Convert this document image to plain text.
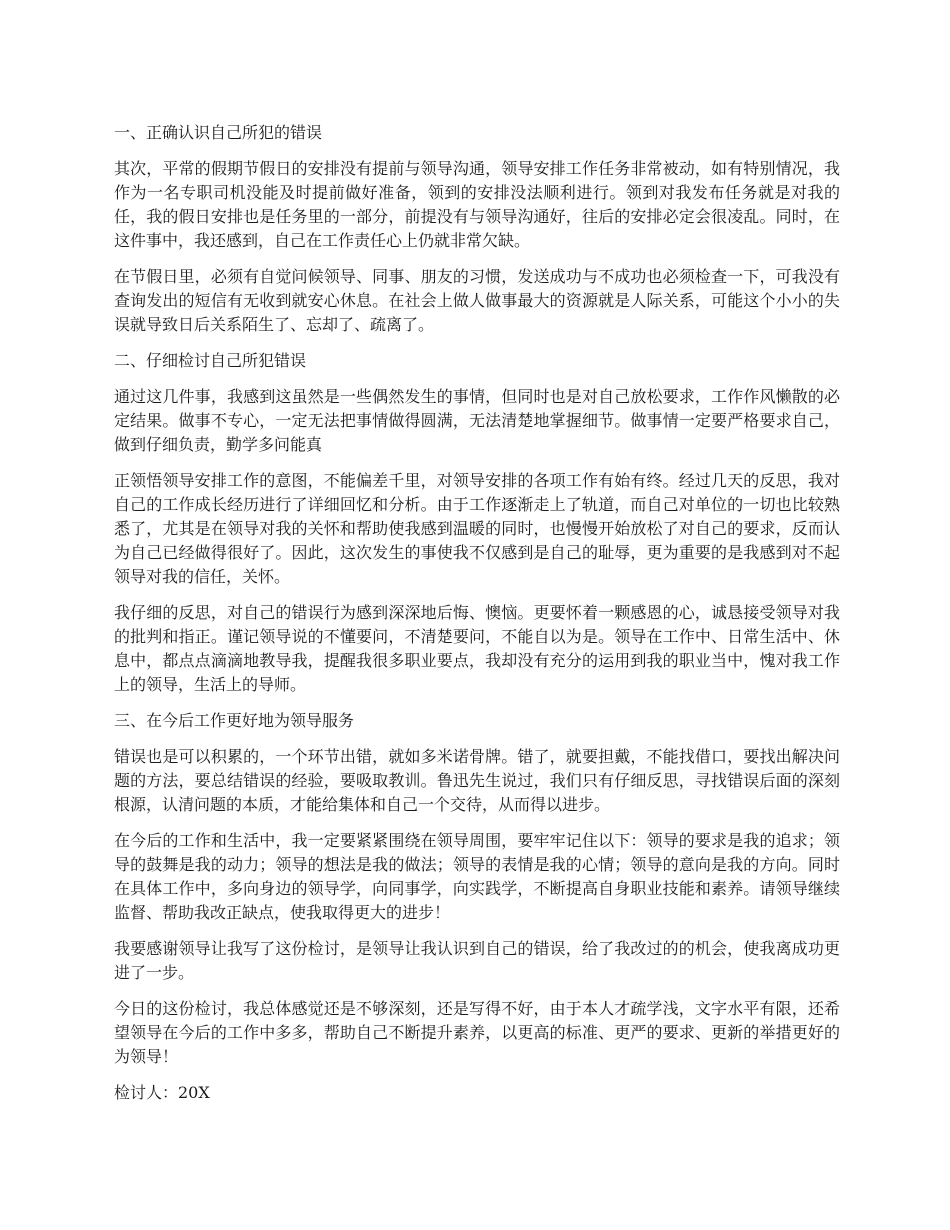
一、正确认识自己所犯的错误

其次，平常的假期节假日的安排没有提前与领导沟通，领导安排工作任务非常被动，如有特别情况，我作为一名专职司机没能及时提前做好准备，领到的安排没法顺利进行。领到对我发布任务就是对我的任，我的假日安排也是任务里的一部分，前提没有与领导沟通好，往后的安排必定会很凌乱。同时，在这件事中，我还感到，自己在工作责任心上仍就非常欠缺。

在节假日里，必须有自觉问候领导、同事、朋友的习惯，发送成功与不成功也必须检查一下，可我没有查询发出的短信有无收到就安心休息。在社会上做人做事最大的资源就是人际关系，可能这个小小的失误就导致日后关系陌生了、忘却了、疏离了。

二、仔细检讨自己所犯错误

通过这几件事，我感到这虽然是一些偶然发生的事情，但同时也是对自己放松要求，工作作风懒散的必定结果。做事不专心，一定无法把事情做得圆满，无法清楚地掌握细节。做事情一定要严格要求自己，做到仔细负责，勤学多问能真

正领悟领导安排工作的意图，不能偏差千里，对领导安排的各项工作有始有终。经过几天的反思，我对自己的工作成长经历进行了详细回忆和分析。由于工作逐渐走上了轨道，而自己对单位的一切也比较熟悉了，尤其是在领导对我的关怀和帮助使我感到温暖的同时，也慢慢开始放松了对自己的要求，反而认为自己已经做得很好了。因此，这次发生的事使我不仅感到是自己的耻辱，更为重要的是我感到对不起领导对我的信任，关怀。

我仔细的反思，对自己的错误行为感到深深地后悔、懊恼。更要怀着一颗感恩的心，诚恳接受领导对我的批判和指正。谨记领导说的不懂要问，不清楚要问，不能自以为是。领导在工作中、日常生活中、休息中，都点点滴滴地教导我，提醒我很多职业要点，我却没有充分的运用到我的职业当中，愧对我工作上的领导，生活上的导师。

三、在今后工作更好地为领导服务

错误也是可以积累的，一个环节出错，就如多米诺骨牌。错了，就要担戴，不能找借口，要找出解决问题的方法，要总结错误的经验，要吸取教训。鲁迅先生说过，我们只有仔细反思，寻找错误后面的深刻根源，认清问题的本质，才能给集体和自己一个交待，从而得以进步。

在今后的工作和生活中，我一定要紧紧围绕在领导周围，要牢牢记住以下：领导的要求是我的追求；领导的鼓舞是我的动力；领导的想法是我的做法；领导的表情是我的心情；领导的意向是我的方向。同时在具体工作中，多向身边的领导学，向同事学，向实践学，不断提高自身职业技能和素养。请领导继续监督、帮助我改正缺点，使我取得更大的进步！

我要感谢领导让我写了这份检讨，是领导让我认识到自己的错误，给了我改过的的机会，使我离成功更进了一步。

今日的这份检讨，我总体感觉还是不够深刻，还是写得不好，由于本人才疏学浅，文字水平有限，还希望领导在今后的工作中多多，帮助自己不断提升素养，以更高的标准、更严的要求、更新的举措更好的为领导！

检讨人：20X
